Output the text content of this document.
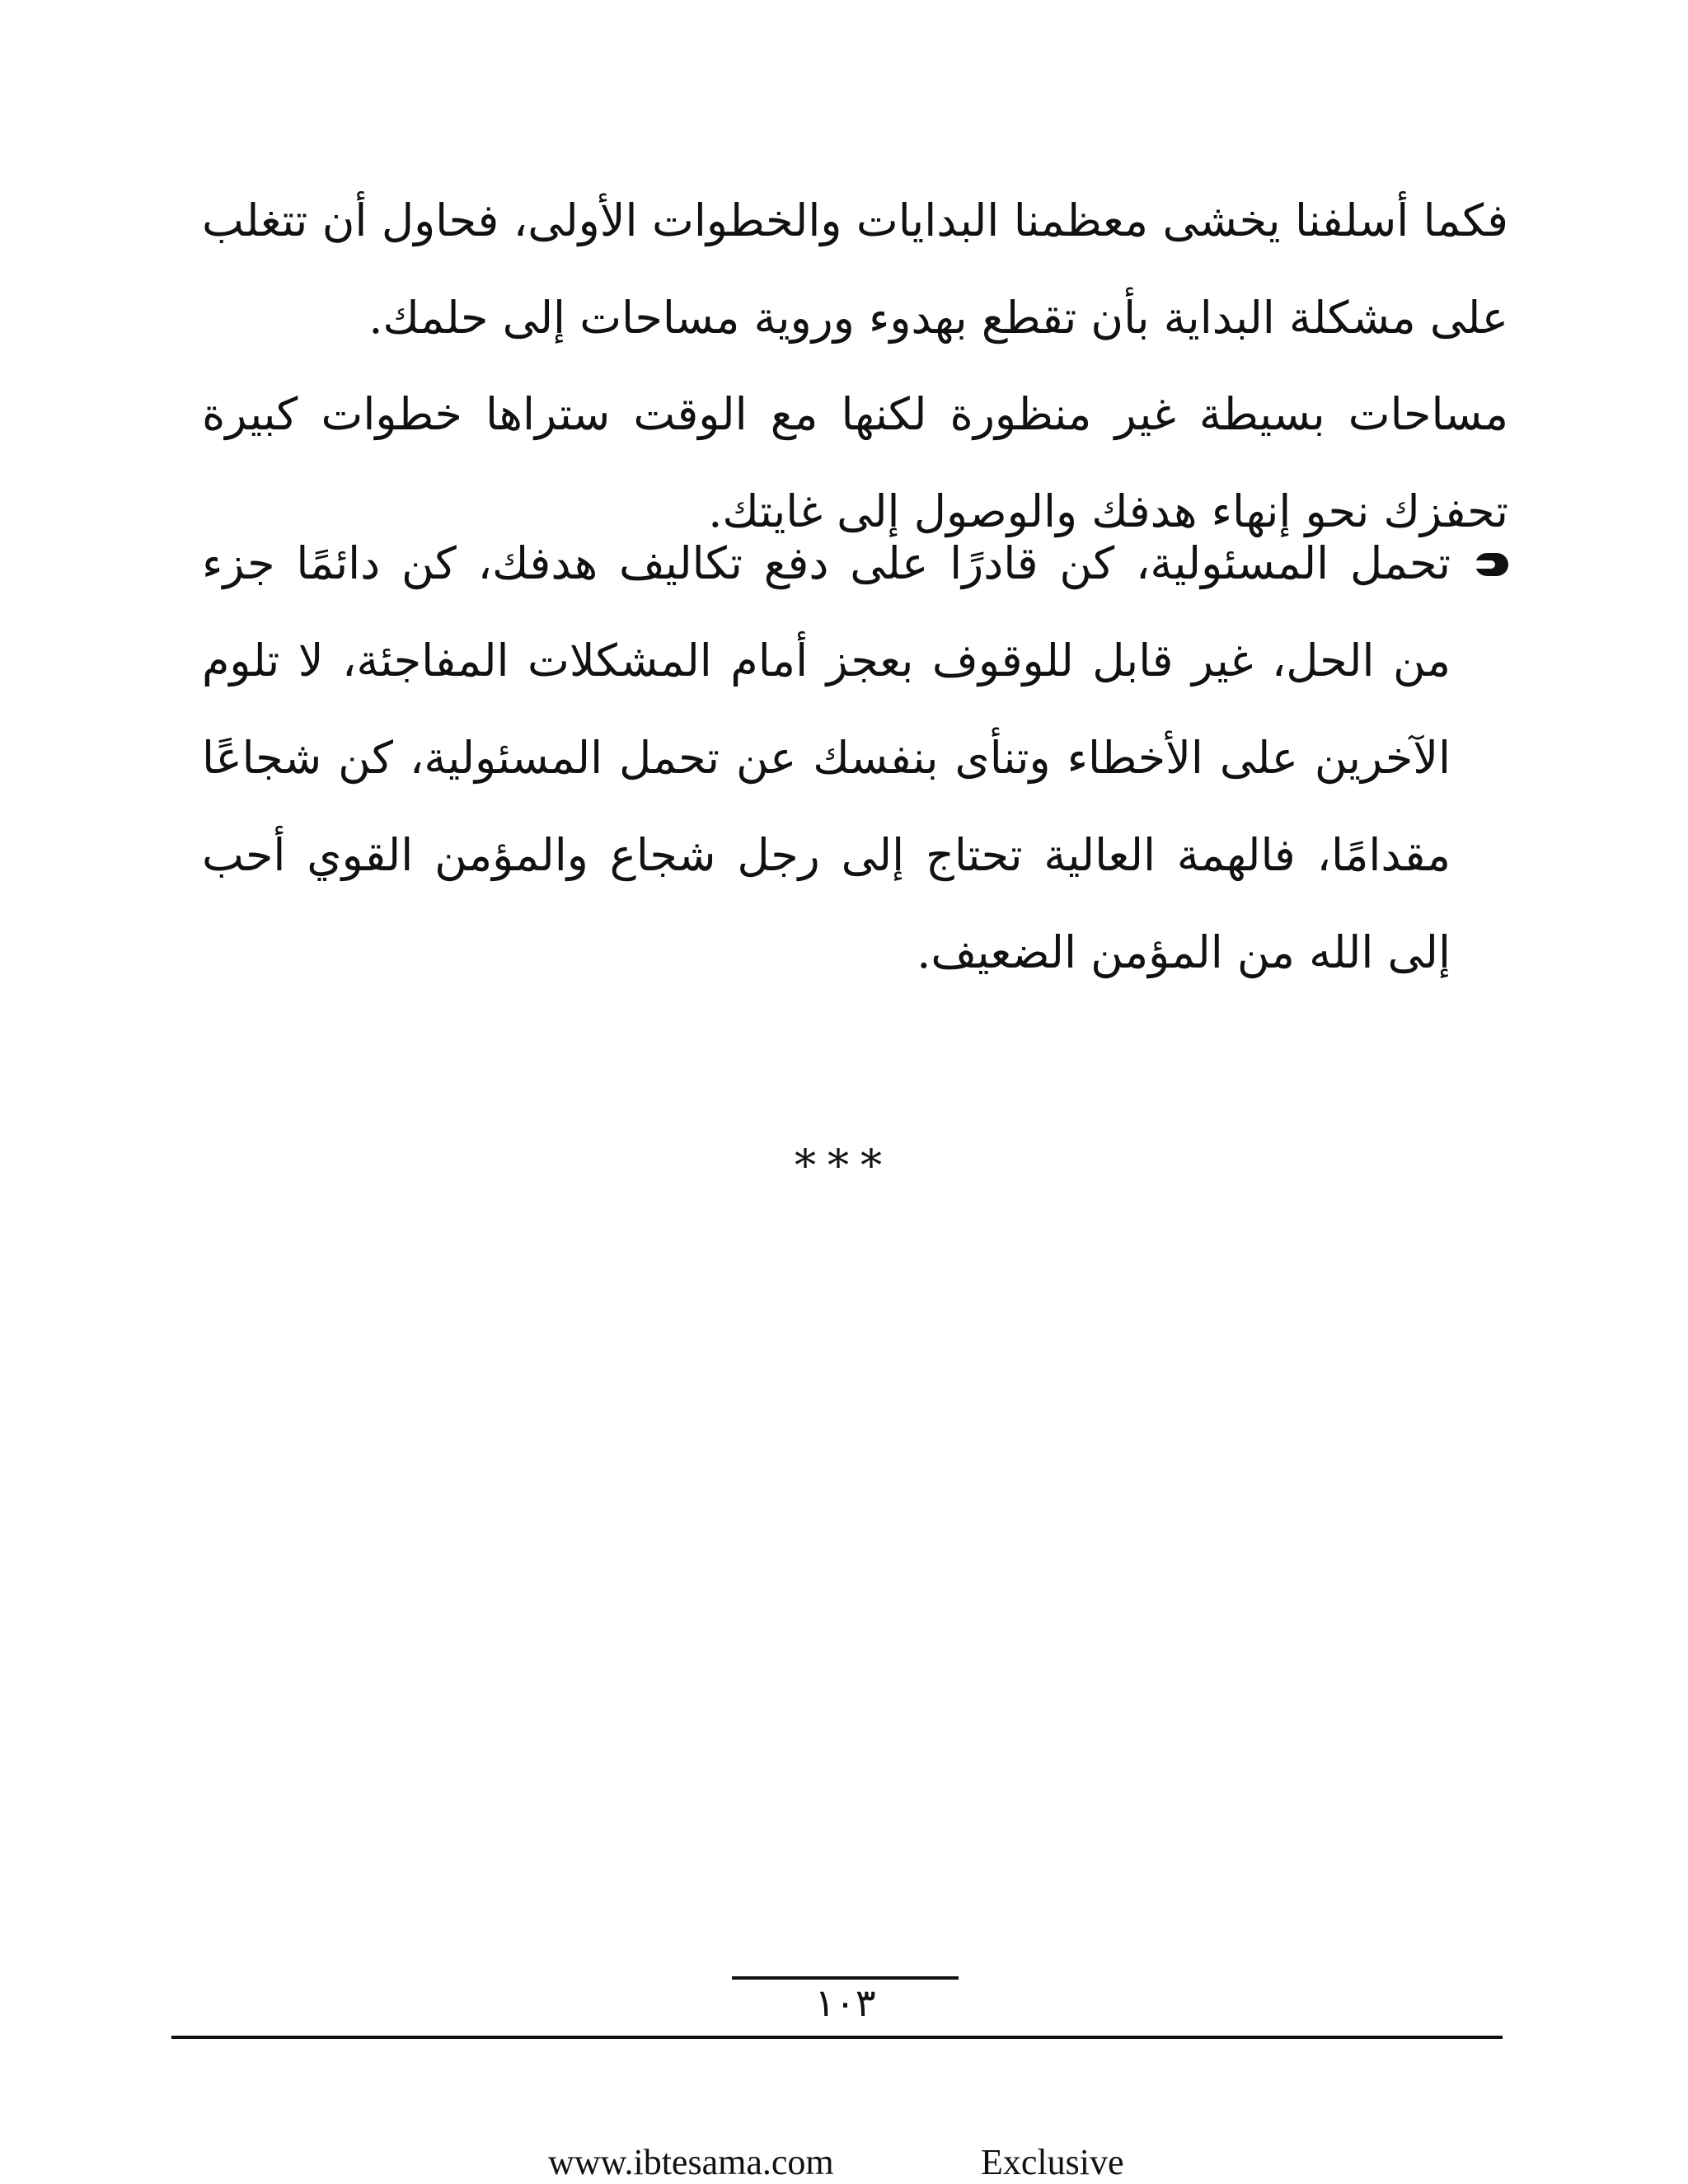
فكما أسلفنا يخشى معظمنا البدايات والخطوات الأولى، فحاول أن تتغلب على مشكلة البداية بأن تقطع بهدوء وروية مساحات إلى حلمك.

مساحات بسيطة غير منظورة لكنها مع الوقت ستراها خطوات كبيرة تحفزك نحو إنهاء هدفك والوصول إلى غايتك.

تحمل المسئولية، كن قادرًا على دفع تكاليف هدفك، كن دائمًا جزء من الحل، غير قابل للوقوف بعجز أمام المشكلات المفاجئة، لا تلوم الآخرين على الأخطاء وتنأى بنفسك عن تحمل المسئولية، كن شجاعًا مقدامًا، فالهمة العالية تحتاج إلى رجل شجاع والمؤمن القوي أحب إلى الله من المؤمن الضعيف.
***
١٠٣
www.ibtesama.com	Exclusive
